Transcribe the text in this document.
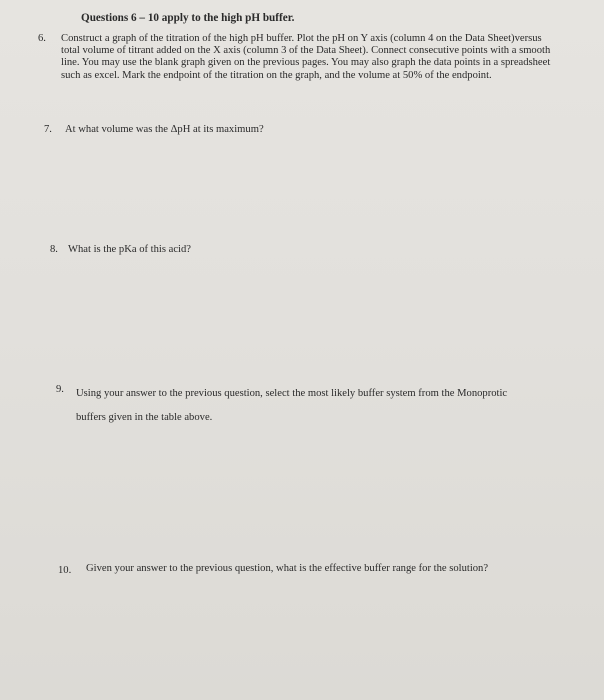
Questions 6 – 10 apply to the high pH buffer.
6. Construct a graph of the titration of the high pH buffer. Plot the pH on Y axis (column 4 on the Data Sheet)versus
total volume of titrant added on the X axis (column 3 of the Data Sheet). Connect consecutive points with a smooth
line. You may use the blank graph given on the previous pages. You may also graph the data points in a spreadsheet
such as excel. Mark the endpoint of the titration on the graph, and the volume at 50% of the endpoint.
7. At what volume was the ΔpH at its maximum?
8. What is the pKa of this acid?
9. Using your answer to the previous question, select the most likely buffer system from the Monoprotic
buffers given in the table above.
10. Given your answer to the previous question, what is the effective buffer range for the solution?
